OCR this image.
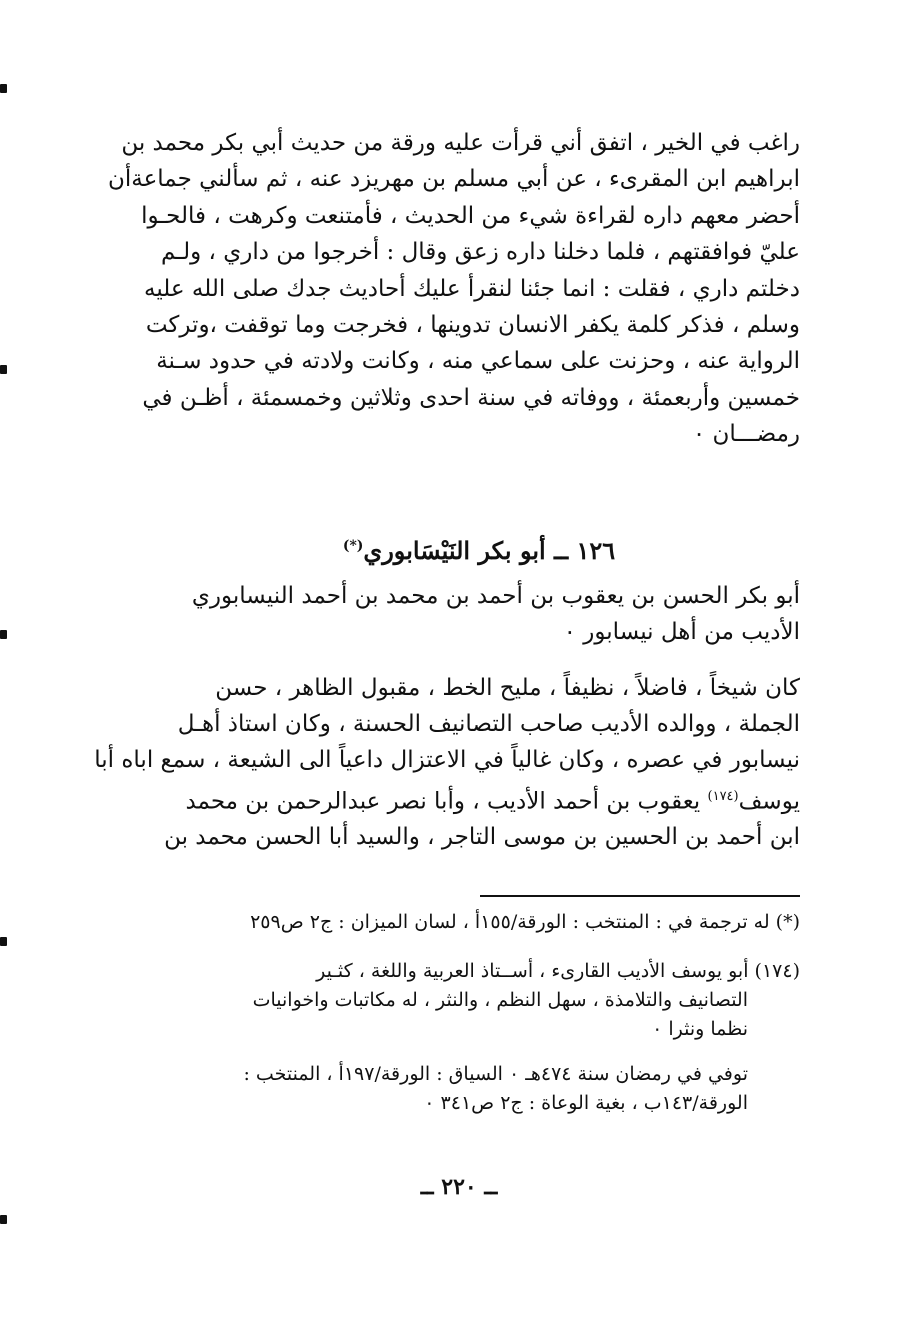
راغب في الخير ، اتفق أني قرأت عليه ورقة من حديث أبي بكر محمد بن
ابراهيم ابن المقرىء ، عن أبي مسلم بن مهريزد عنه ، ثم سألني جماعةأن
أحضر معهم داره لقراءة شيء من الحديث ، فأمتنعت وكرهت ، فالحـوا
عليّ فوافقتهم ، فلما دخلنا داره زعق وقال : أخرجوا من داري ، ولـم
دخلتم داري ، فقلت : انما جئنا لنقرأ عليك أحاديث جدك صلى الله عليه
وسلم ، فذكر كلمة يكفر الانسان تدوينها ، فخرجت وما توقفت ،وتركت
الرواية عنه ، وحزنت على سماعي منه ، وكانت ولادته في حدود سـنة
خمسين وأربعمئة ، ووفاته في سنة احدى وثلاثين وخمسمئة ، أظـن في
رمضـــان ٠
١٢٦ ــ أبو بكر النَيْسَابوري(*)
أبو بكر الحسن بن يعقوب بن أحمد بن محمد بن أحمد النيسابوري
الأديب من أهل نيسابور ٠
كان شيخاً ، فاضلاً ، نظيفاً ، مليح الخط ، مقبول الظاهر ، حسن
الجملة ، ووالده الأديب صاحب التصانيف الحسنة ، وكان استاذ أهـل
نيسابور في عصره ، وكان غالياً في الاعتزال داعياً الى الشيعة ، سمع اباه أبا
يوسف$^{(١٧٤)}$ يعقوب بن أحمد الأديب ، وأبا نصر عبدالرحمن بن محمد
ابن أحمد بن الحسين بن موسى التاجر ، والسيد أبا الحسن محمد بن
(*) له ترجمة في : المنتخب : الورقة/١٥٥أ ، لسان الميزان : ج٢ ص٢٥٩
(١٧٤) أبو يوسف الأديب القارىء ، أســتاذ العربية واللغة ، كثـير
التصانيف والتلامذة ، سهل النظم ، والنثر ، له مكاتبات واخوانيات
نظما ونثرا ٠
توفي في رمضان سنة ٤٧٤هـ ٠ السياق : الورقة/١٩٧أ ، المنتخب :
الورقة/١٤٣ب ، بغية الوعاة : ج٢ ص٣٤١ ٠
ــ ٢٢٠ ــ
